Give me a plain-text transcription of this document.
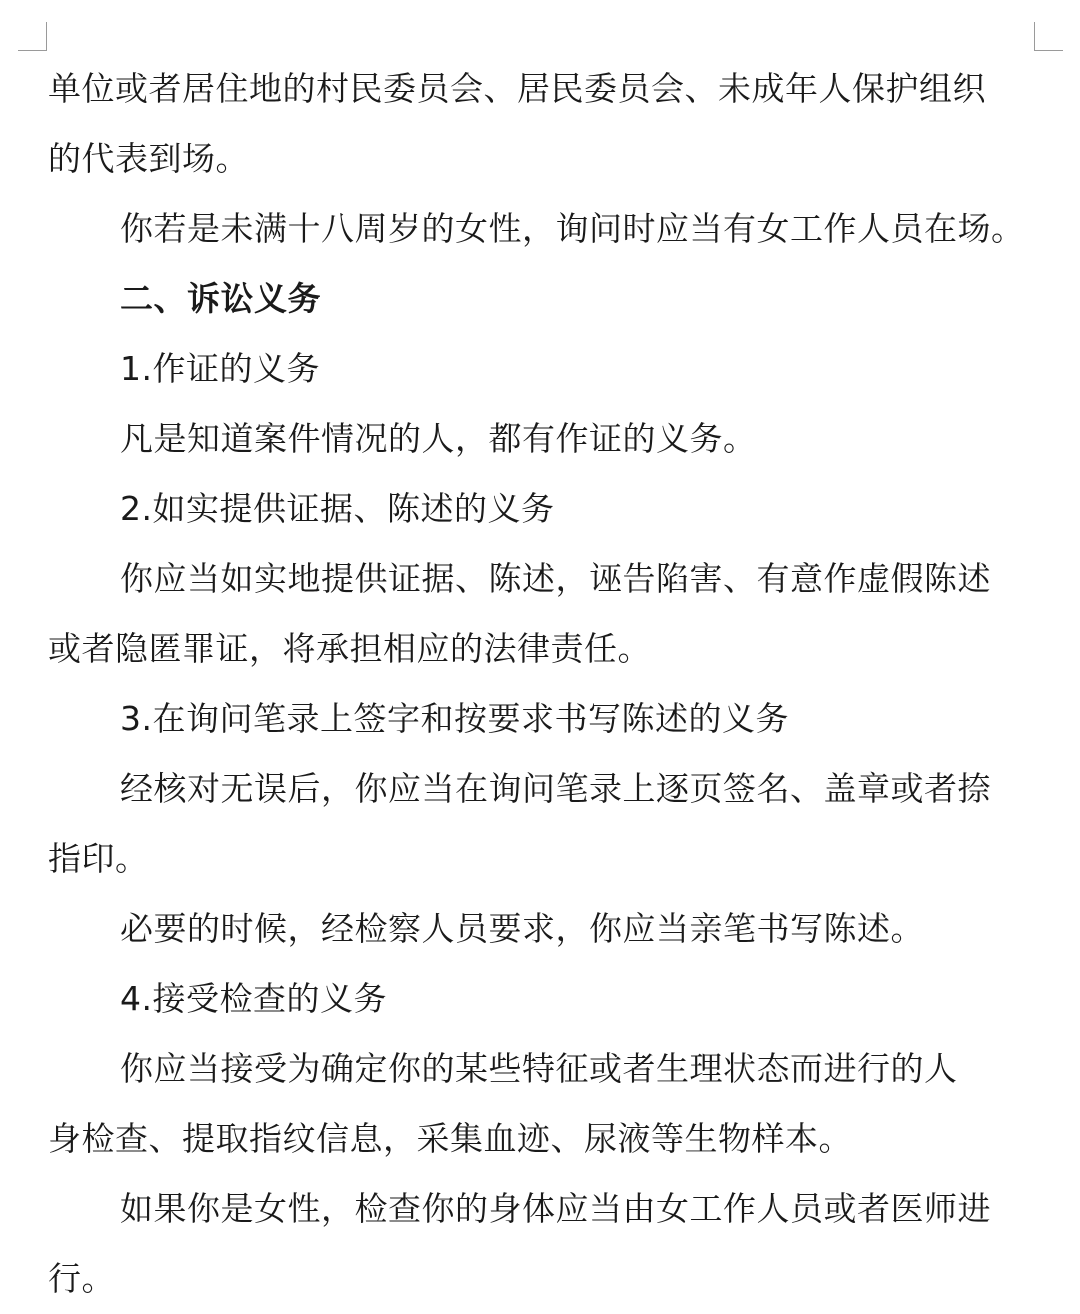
单位或者居住地的村民委员会、居民委员会、未成年人保护组织
的代表到场。
你若是未满十八周岁的女性，询问时应当有女工作人员在场。
二、诉讼义务
1.作证的义务
凡是知道案件情况的人，都有作证的义务。
2.如实提供证据、陈述的义务
你应当如实地提供证据、陈述，诬告陷害、有意作虚假陈述
或者隐匿罪证，将承担相应的法律责任。
3.在询问笔录上签字和按要求书写陈述的义务
经核对无误后，你应当在询问笔录上逐页签名、盖章或者捺
指印。
必要的时候，经检察人员要求，你应当亲笔书写陈述。
4.接受检查的义务
你应当接受为确定你的某些特征或者生理状态而进行的人
身检查、提取指纹信息，采集血迹、尿液等生物样本。
如果你是女性，检查你的身体应当由女工作人员或者医师进
行。
